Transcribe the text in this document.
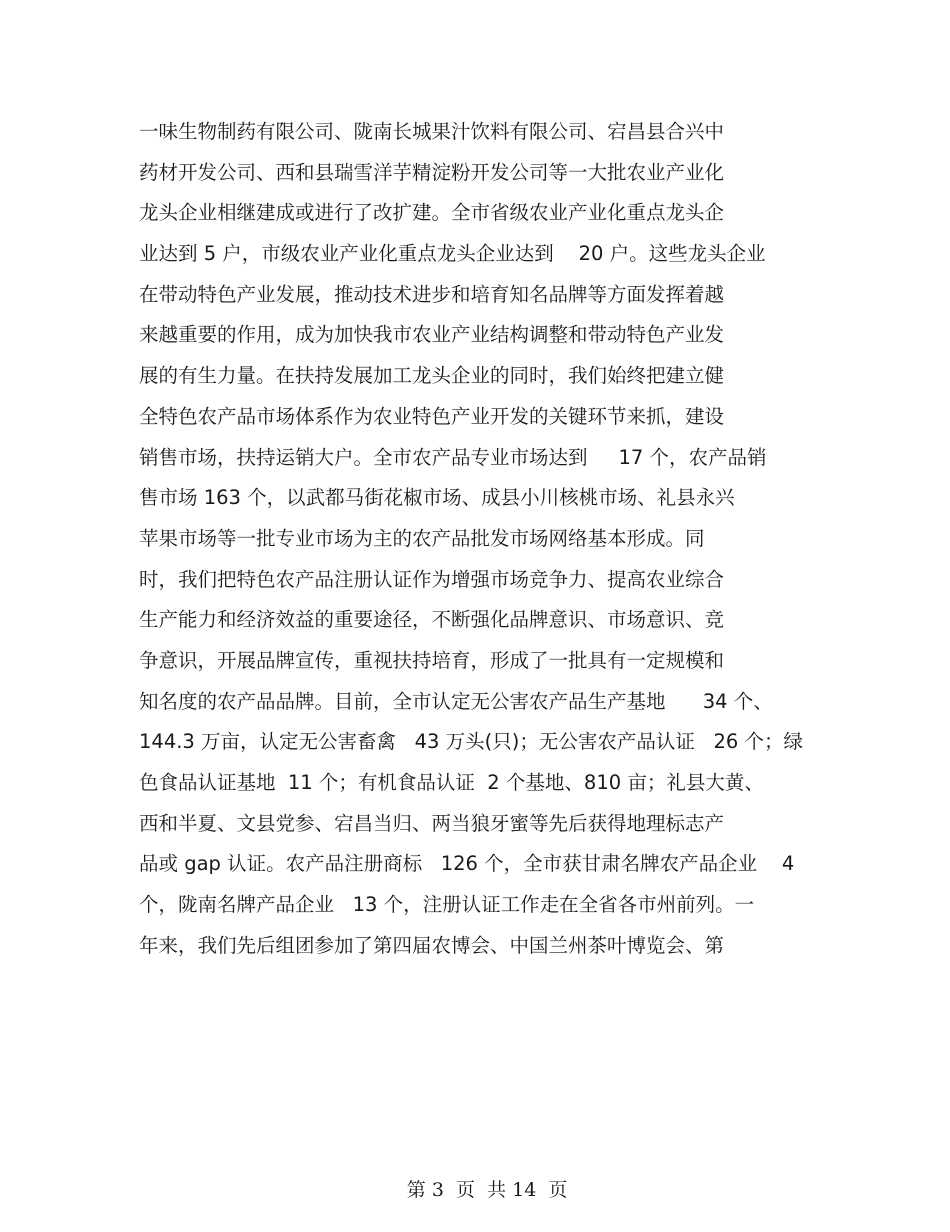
一味生物制药有限公司、陇南长城果汁饮料有限公司、宕昌县合兴中
药材开发公司、西和县瑞雪洋芋精淀粉开发公司等一大批农业产业化
龙头企业相继建成或进行了改扩建。全市省级农业产业化重点龙头企
业达到 5 户，市级农业产业化重点龙头企业达到    20 户。这些龙头企业
在带动特色产业发展，推动技术进步和培育知名品牌等方面发挥着越
来越重要的作用，成为加快我市农业产业结构调整和带动特色产业发
展的有生力量。在扶持发展加工龙头企业的同时，我们始终把建立健
全特色农产品市场体系作为农业特色产业开发的关键环节来抓，建设
销售市场，扶持运销大户。全市农产品专业市场达到     17 个，农产品销
售市场 163 个，以武都马街花椒市场、成县小川核桃市场、礼县永兴
苹果市场等一批专业市场为主的农产品批发市场网络基本形成。同
时，我们把特色农产品注册认证作为增强市场竞争力、提高农业综合
生产能力和经济效益的重要途径，不断强化品牌意识、市场意识、竞
争意识，开展品牌宣传，重视扶持培育，形成了一批具有一定规模和
知名度的农产品品牌。目前，全市认定无公害农产品生产基地      34 个、
144.3 万亩，认定无公害畜禽   43 万头(只)；无公害农产品认证   26 个；绿
色食品认证基地  11 个；有机食品认证  2 个基地、810 亩；礼县大黄、
西和半夏、文县党参、宕昌当归、两当狼牙蜜等先后获得地理标志产
品或 gap 认证。农产品注册商标   126 个，全市获甘肃名牌农产品企业    4
个，陇南名牌产品企业   13 个，注册认证工作走在全省各市州前列。一
年来，我们先后组团参加了第四届农博会、中国兰州茶叶博览会、第

第 3  页  共 14  页
